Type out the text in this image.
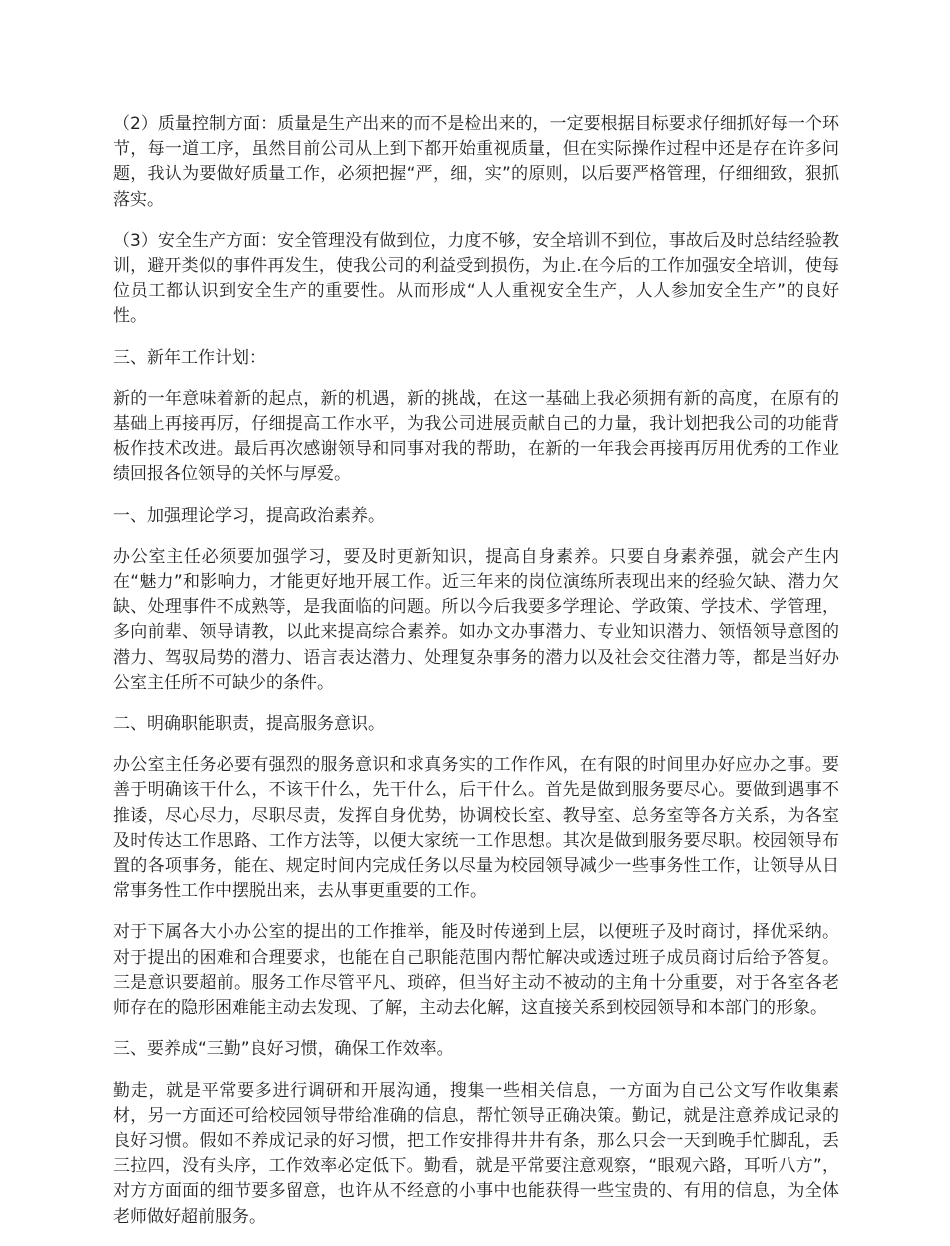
（2）质量控制方面：质量是生产出来的而不是检出来的，一定要根据目标要求仔细抓好每一个环节，每一道工序，虽然目前公司从上到下都开始重视质量，但在实际操作过程中还是存在许多问题，我认为要做好质量工作，必须把握“严，细，实”的原则，以后要严格管理，仔细细致，狠抓落实。

（3）安全生产方面：安全管理没有做到位，力度不够，安全培训不到位，事故后及时总结经验教训，避开类似的事件再发生，使我公司的利益受到损伤，为止.在今后的工作加强安全培训，使每位员工都认识到安全生产的重要性。从而形成“人人重视安全生产，人人参加安全生产”的良好性。

三、新年工作计划：

新的一年意味着新的起点，新的机遇，新的挑战，在这一基础上我必须拥有新的高度，在原有的基础上再接再厉，仔细提高工作水平，为我公司进展贡献自己的力量，我计划把我公司的功能背板作技术改进。最后再次感谢领导和同事对我的帮助，在新的一年我会再接再厉用优秀的工作业绩回报各位领导的关怀与厚爱。

一、加强理论学习，提高政治素养。

办公室主任必须要加强学习，要及时更新知识，提高自身素养。只要自身素养强，就会产生内在“魅力”和影响力，才能更好地开展工作。近三年来的岗位演练所表现出来的经验欠缺、潜力欠缺、处理事件不成熟等，是我面临的问题。所以今后我要多学理论、学政策、学技术、学管理，多向前辈、领导请教，以此来提高综合素养。如办文办事潜力、专业知识潜力、领悟领导意图的潜力、驾驭局势的潜力、语言表达潜力、处理复杂事务的潜力以及社会交往潜力等，都是当好办公室主任所不可缺少的条件。

二、明确职能职责，提高服务意识。

办公室主任务必要有强烈的服务意识和求真务实的工作作风，在有限的时间里办好应办之事。要善于明确该干什么，不该干什么，先干什么，后干什么。首先是做到服务要尽心。要做到遇事不推诿，尽心尽力，尽职尽责，发挥自身优势，协调校长室、教导室、总务室等各方关系，为各室及时传达工作思路、工作方法等，以便大家统一工作思想。其次是做到服务要尽职。校园领导布置的各项事务，能在、规定时间内完成任务以尽量为校园领导减少一些事务性工作，让领导从日常事务性工作中摆脱出来，去从事更重要的工作。

对于下属各大小办公室的提出的工作推举，能及时传递到上层，以便班子及时商讨，择优采纳。对于提出的困难和合理要求，也能在自己职能范围内帮忙解决或透过班子成员商讨后给予答复。三是意识要超前。服务工作尽管平凡、琐碎，但当好主动不被动的主角十分重要，对于各室各老师存在的隐形困难能主动去发现、了解，主动去化解，这直接关系到校园领导和本部门的形象。

三、要养成“三勤”良好习惯，确保工作效率。

勤走，就是平常要多进行调研和开展沟通，搜集一些相关信息，一方面为自己公文写作收集素材，另一方面还可给校园领导带给准确的信息，帮忙领导正确决策。勤记，就是注意养成记录的良好习惯。假如不养成记录的好习惯，把工作安排得井井有条，那么只会一天到晚手忙脚乱，丢三拉四，没有头序，工作效率必定低下。勤看，就是平常要注意观察，“眼观六路，耳听八方”，对方方面面的细节要多留意，也许从不经意的小事中也能获得一些宝贵的、有用的信息，为全体老师做好超前服务。
